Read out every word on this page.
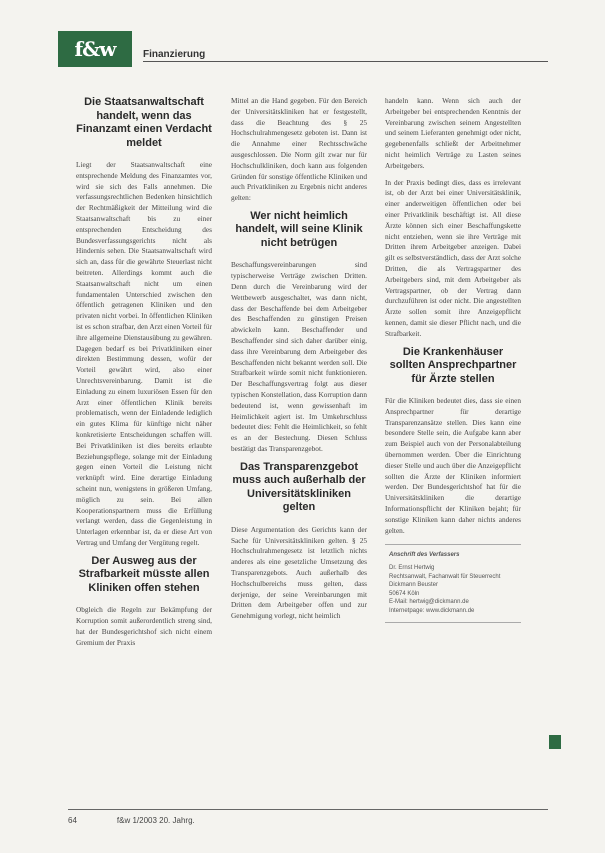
f&w	Finanzierung
Die Staatsanwaltschaft handelt, wenn das Finanzamt einen Verdacht meldet

Liegt der Staatsanwaltschaft eine entsprechende Meldung des Finanzamtes vor, wird sie sich des Falls annehmen. Die verfassungsrechtlichen Bedenken hinsichtlich der Rechtmäßigkeit der Mitteilung wird die Staatsanwaltschaft bis zu einer entsprechenden Entscheidung des Bundesverfassungsgerichts nicht als Hindernis sehen. Die Staatsanwaltschaft wird sich an, dass für die gewährte Steuerlast nicht beitreten. Allerdings kommt auch die Staatsanwaltschaft nicht um einen fundamentalen Unterschied zwischen den öffentlich getragenen Kliniken und den privaten nicht vorbei. In öffentlichen Kliniken ist es schon strafbar, den Arzt einen Vorteil für ihre allgemeine Dienstausübung zu gewähren. Dagegen bedarf es bei Privatkliniken einer direkten Bestimmung dessen, wofür der Vorteil gewährt wird, also einer Unrechtsvereinbarung. Damit ist die Einladung zu einem luxuriösen Essen für den Arzt einer öffentlichen Klinik bereits problematisch, wenn der Einladende lediglich ein gutes Klima für künftige nicht näher konkretisierte Entscheidungen schaffen will. Bei Privatkliniken ist dies bereits erlaubte Beziehungspflege, solange mit der Einladung gegen einen Vorteil die Leistung nicht verknüpft wird. Eine derartige Einladung scheint nun, wenigstens in größeren Umfang, möglich zu sein. Bei allen Kooperationspartnern muss die Erfüllung verlangt werden, dass die Gegenleistung in Unterlagen erkennbar ist, da er diese Art von Vertrag und Umfang der Vergütung regelt.

Der Ausweg aus der Strafbarkeit müsste allen Kliniken offen stehen

Obgleich die Regeln zur Bekämpfung der Korruption somit außerordentlich streng sind, hat der Bundesgerichtshof sich nicht einem Gremium der Praxis

Mittel an die Hand gegeben. Für den Bereich der Universitätskliniken hat er festgestellt, dass die Beachtung des § 25 Hochschulrahmengesetz geboten ist. Dann ist die Annahme einer Rechtsschwäche ausgeschlossen. Die Norm gilt zwar nur für Hochschulkliniken, doch kann aus folgenden Gründen für sonstige öffentliche Kliniken und auch Privatkliniken zu Ergebnis nicht anderes gelten:

Wer nicht heimlich handelt, will seine Klinik nicht betrügen

Beschaffungsvereinbarungen sind typischerweise Verträge zwischen Dritten. Denn durch die Vereinbarung wird der Wettbewerb ausgeschaltet, was dann nicht, dass der Beschaffende bei dem Arbeitgeber des Beschaffenden zu günstigen Preisen abwickeln kann. Beschaffender und Beschaffender sind sich daher darüber einig, dass ihre Vereinbarung dem Arbeitgeber des Beschaffenden nicht bekannt werden soll. Die Strafbarkeit würde somit nicht funktionieren. Der Beschaffungsvertrag folgt aus dieser typischen Konstellation, dass Korruption dann bedeutend ist, wenn gewissenhaft im Heimlichkeit agiert ist. Im Umkehrschluss bedeutet dies: Fehlt die Heimlichkeit, so fehlt es an der Bestechung. Diesen Schluss bestätigt das Transparenzgebot.

Das Transparenzgebot muss auch außerhalb der Universitätskliniken gelten

Diese Argumentation des Gerichts kann der Sache für Universitätskliniken gelten. § 25 Hochschulrahmengesetz ist letztlich nichts anderes als eine gesetzliche Umsetzung des Transparenzgebots. Auch außerhalb des Hochschulbereichs muss gelten, dass derjenige, der seine Vereinbarungen mit Dritten dem Arbeitgeber offen und zur Genehmigung vorlegt, nicht heimlich

handeln kann. Wenn sich auch der Arbeitgeber bei entsprechenden Kenntnis der Vereinbarung zwischen seinem Angestellten und seinem Lieferanten genehmigt oder nicht, gegebenenfalls schließt der Arbeitnehmer nicht heimlich Verträge zu Lasten seines Arbeitgebers.

In der Praxis bedingt dies, dass es irrelevant ist, ob der Arzt bei einer Universitätsklinik, einer anderweitigen öffentlichen oder bei einer Privatklinik beschäftigt ist. All diese Ärzte können sich einer Beschaffungskette nicht entziehen, wenn sie ihre Verträge mit Dritten ihrem Arbeitgeber anzeigen. Dabei gilt es selbstverständlich, dass der Arzt solche Dritten, die als Vertragspartner des Arbeitgebers sind, mit dem Arbeitgeber als Vertragspartner, ob der Vertrag dann durchzuführen ist oder nicht. Die angestellten Ärzte sollen somit ihre Anzeigepflicht kennen, damit sie dieser Pflicht nach, und die Strafbarkeit.

Die Krankenhäuser sollten Ansprechpartner für Ärzte stellen

Für die Kliniken bedeutet dies, dass sie einen Ansprechpartner für derartige Transparenzansätze stellen. Dies kann eine besondere Stelle sein, die Aufgabe kann aber zum Beispiel auch von der Personalabteilung übernommen werden. Über die Einrichtung dieser Stelle und auch über die Anzeigepflicht sollten die Ärzte der Kliniken informiert werden. Der Bundesgerichtshof hat für die Universitätskliniken die derartige Informationspflicht der Kliniken bejaht; für sonstige Kliniken kann daher nichts anderes gelten.

Anschrift des Verfassers
Dr. Ernst Hertwig
Rechtsanwalt, Fachanwalt für Steuerrecht
Dickmann Beuster
50674 Köln
E-Mail: hertwig@dickmann.de
Internetpage: www.dickmann.de
64	f&w 1/2003 20. Jahrg.
